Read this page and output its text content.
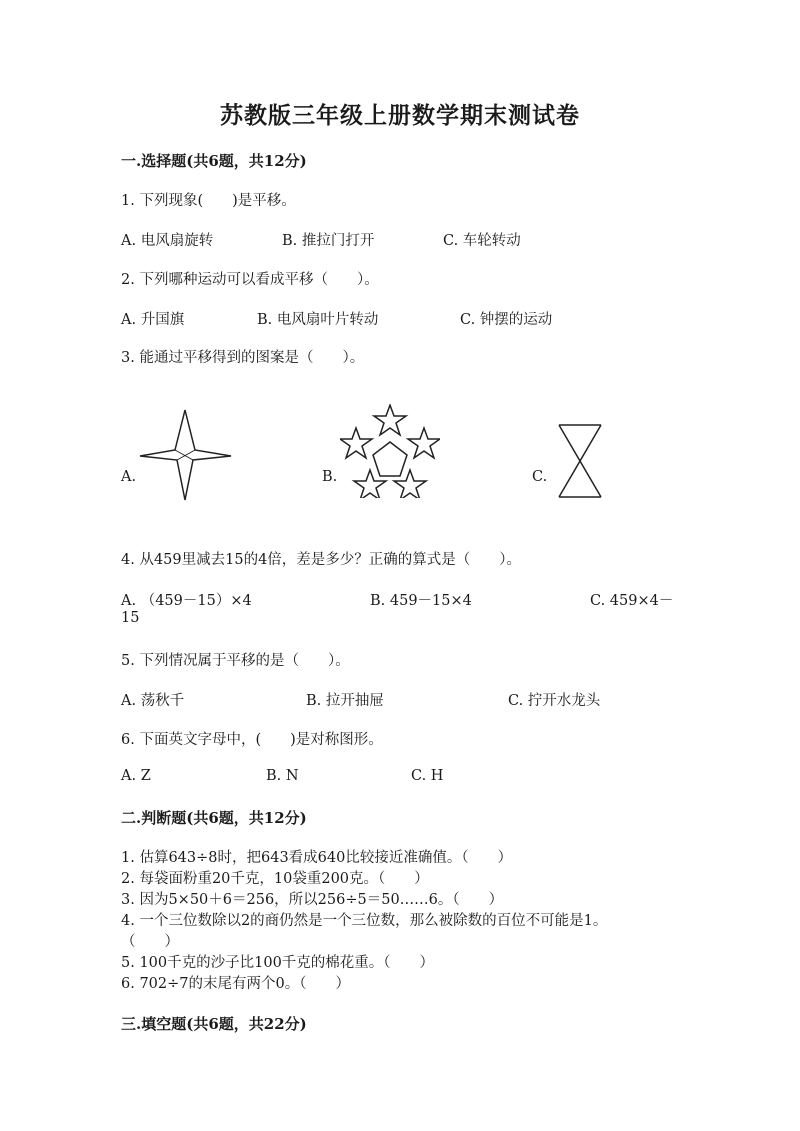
苏教版三年级上册数学期末测试卷
一.选择题(共6题，共12分)
1. 下列现象(　　)是平移。
A. 电风扇旋转	B. 推拉门打开	C. 车轮转动
2. 下列哪种运动可以看成平移（　　）。
A. 升国旗	B. 电风扇叶片转动	C. 钟摆的运动
3. 能通过平移得到的图案是（　　）。
A.	B.	C.
4. 从459里减去15的4倍，差是多少？正确的算式是（　　）。
A. （459－15）×4	B. 459－15×4	C. 459×4－
15
5. 下列情况属于平移的是（　　）。
A. 荡秋千	B. 拉开抽屉	C. 拧开水龙头
6. 下面英文字母中，(　　)是对称图形。
A. Z	B. N	C. H
二.判断题(共6题，共12分)
1. 估算643÷8时，把643看成640比较接近准确值。（　　）
2. 每袋面粉重20千克，10袋重200克。（　　）
3. 因为5×50＋6＝256，所以256÷5＝50……6。（　　）
4. 一个三位数除以2的商仍然是一个三位数，那么被除数的百位不可能是1。
（　　）
5. 100千克的沙子比100千克的棉花重。（　　）
6. 702÷7的末尾有两个0。（　　）
三.填空题(共6题，共22分)
